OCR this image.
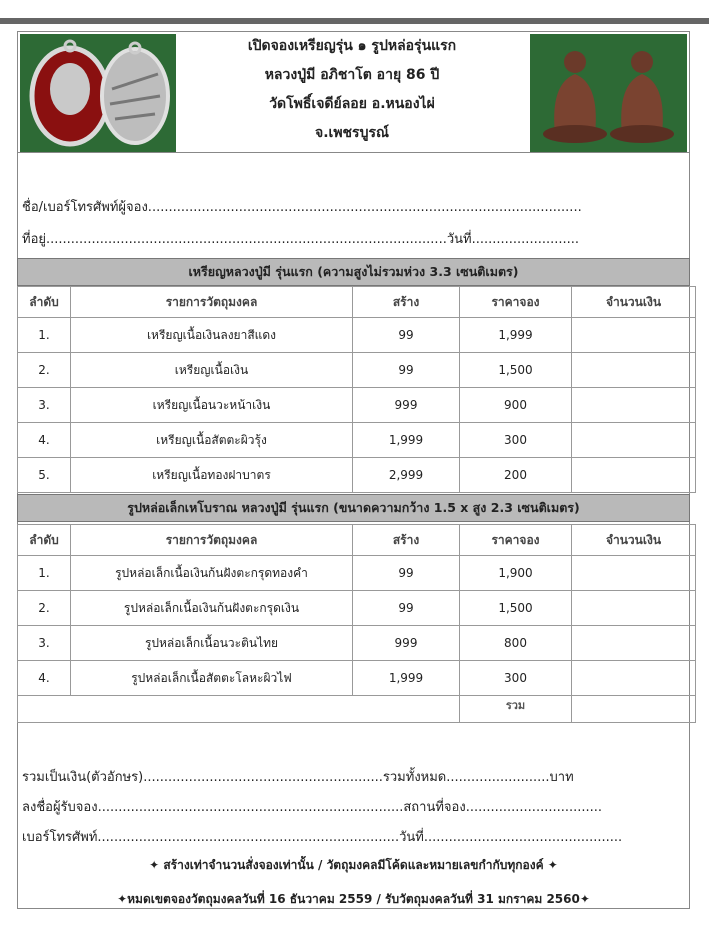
เปิดจองเหรียญรุ่น ๑ รูปหล่อรุ่นแรก
หลวงปู่มี อภิชาโต อายุ 86 ปี
วัดโพธิ์เจดีย์ลอย อ.หนองไผ่
จ.เพชรบูรณ์
ชื่อ/เบอร์โทรศัพท์ผู้จอง.........................................................................................................
ที่อยู่.................................................................................................วันที่..........................
เหรียญหลวงปู่มี รุ่นแรก (ความสูงไม่รวมห่วง 3.3 เซนติเมตร)
ลำดับ	รายการวัตถุมงคล	สร้าง	ราคาจอง	จำนวนเงิน
1.	เหรียญเนื้อเงินลงยาสีแดง	99	1,999	
2.	เหรียญเนื้อเงิน	99	1,500	
3.	เหรียญเนื้อนวะหน้าเงิน	999	900	
4.	เหรียญเนื้อสัตตะผิวรุ้ง	1,999	300	
5.	เหรียญเนื้อทองฝาบาตร	2,999	200	
รูปหล่อเล็กเหโบราณ หลวงปู่มี รุ่นแรก (ขนาดความกว้าง 1.5 x สูง 2.3 เซนติเมตร)
ลำดับ	รายการวัตถุมงคล	สร้าง	ราคาจอง	จำนวนเงิน
1.	รูปหล่อเล็กเนื้อเงินก้นฝังตะกรุดทองคำ	99	1,900	
2.	รูปหล่อเล็กเนื้อเงินก้นฝังตะกรุดเงิน	99	1,500	
3.	รูปหล่อเล็กเนื้อนวะตินไทย	999	800	
4.	รูปหล่อเล็กเนื้อสัตตะโลหะผิวไฟ	1,999	300	
			รวม	
รวมเป็นเงิน(ตัวอักษร)..........................................................รวมทั้งหมด.........................บาท
ลงชื่อผู้รับจอง..........................................................................สถานที่จอง.................................
เบอร์โทรศัพท์.........................................................................วันที่................................................
✦ สร้างเท่าจำนวนสั่งจองเท่านั้น / วัตถุมงคลมีโค้ดและหมายเลขกำกับทุกองค์ ✦
✦หมดเขตจองวัตถุมงคลวันที่ 16 ธันวาคม 2559 / รับวัตถุมงคลวันที่ 31 มกราคม 2560✦
